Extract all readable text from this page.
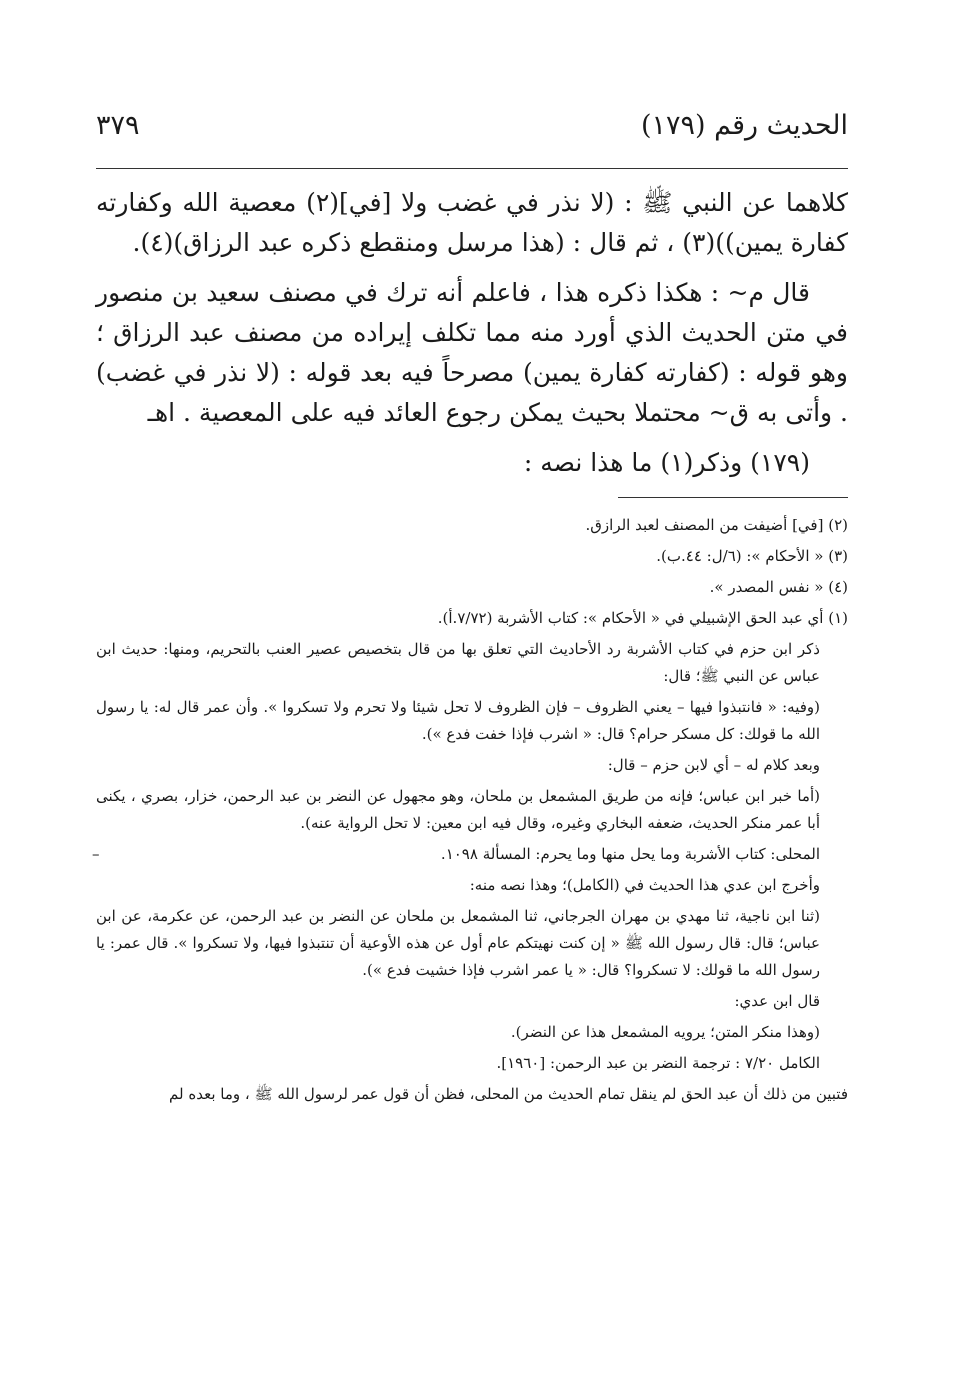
الحديث رقم (١٧٩)
٣٧٩

كلاهما عن النبي ﷺ : (لا نذر في غضب ولا [في](٢) معصية الله وكفارته كفارة يمين))(٣) ، ثم قال : (هذا مرسل ومنقطع ذكره عبد الرزاق)(٤).

قال م~ : هكذا ذكره هذا ، فاعلم أنه ترك في مصنف سعيد بن منصور في متن الحديث الذي أورد منه مما تكلف إيراده من مصنف عبد الرزاق ؛ وهو قوله : (كفارته كفارة يمين) مصرحاً فيه بعد قوله : (لا نذر في غضب) . وأتى به ق~ محتملا بحيث يمكن رجوع العائد فيه على المعصية . اهـ

(١٧٩) وذكر(١) ما هذا نصه :

(٢) [في] أضيفت من المصنف لعبد الرازق.

(٣) « الأحكام »: (٦/ل: ٤٤.ب).

(٤) « نفس المصدر ».

(١) أي عبد الحق الإشبيلي في « الأحكام »: كتاب الأشربة (٧/٧٢.أ).

ذكر ابن حزم في كتاب الأشربة رد الأحاديث التي تعلق بها من قال بتخصيص عصير العنب بالتحريم، ومنها: حديث ابن عباس عن النبي ﷺ؛ قال:

(وفيه: « فانتبذوا فيها – يعني الظروف – فإن الظروف لا تحل شيئا ولا تحرم ولا تسكروا ». وأن عمر قال له: يا رسول الله ما قولك: كل مسكر حرام؟ قال: « اشرب فإذا خفت فدع »).

وبعد كلام له – أي لابن حزم – قال:

(أما خبر ابن عباس؛ فإنه من طريق المشمعل بن ملحان، وهو مجهول عن النضر بن عبد الرحمن، خزار، بصري ، يكنى أبا عمر منكر الحديث، ضعفه البخاري وغيره، وقال فيه ابن معين: لا تحل الرواية عنه).

– المحلى: كتاب الأشربة وما يحل منها وما يحرم: المسألة ١٠٩٨.

وأخرج ابن عدي هذا الحديث في (الكامل)؛ وهذا نصه منه:

(ثنا ابن ناجية، ثنا مهدي بن مهران الجرجاني، ثنا المشمعل بن ملحان عن النضر بن عبد الرحمن، عن عكرمة، عن ابن عباس؛ قال: قال رسول الله ﷺ « إن كنت نهيتكم عام أول عن هذه الأوعية أن تنتبذوا فيها، ولا تسكروا ». قال عمر: يا رسول الله ما قولك: لا تسكروا؟ قال: « يا عمر اشرب فإذا خشيت فدع »).

قال ابن عدي:

(وهذا منكر المتن؛ يرويه المشمعل هذا عن النضر).

الكامل ٧/٢٠ : ترجمة النضر بن عبد الرحمن: [١٩٦٠].

فتبين من ذلك أن عبد الحق لم ينقل تمام الحديث من المحلى، فظن أن قول عمر لرسول الله ﷺ ، وما بعده لم
